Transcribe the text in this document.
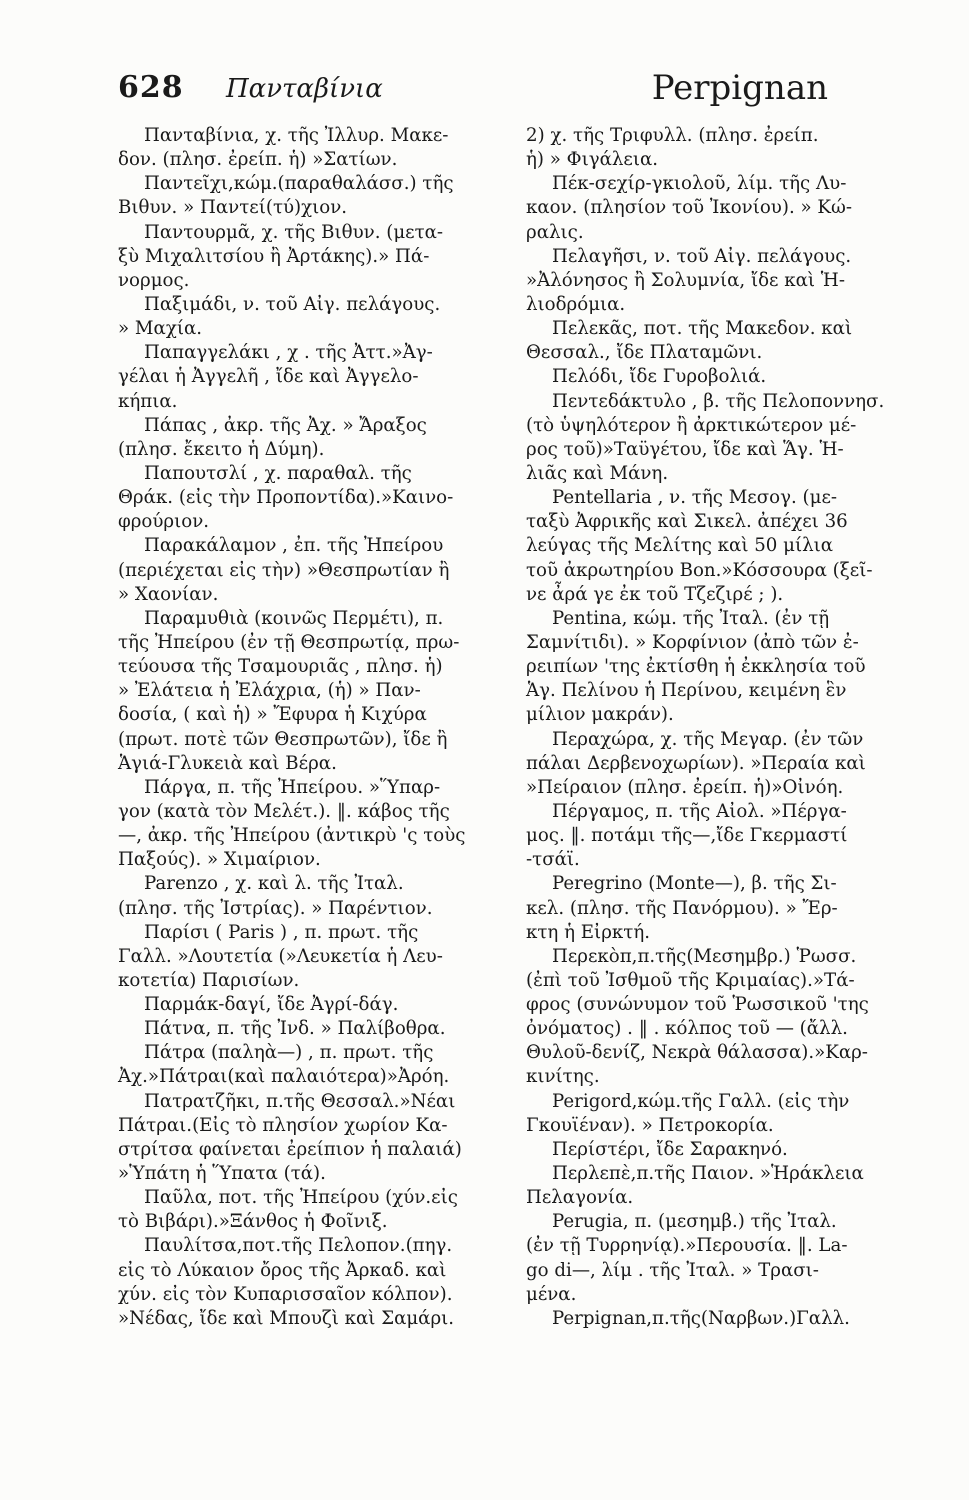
628 Πανταβίνια	Perpignan
Πανταβίνια, χ. τῆς Ἰλλυρ. Μακε-
δον. (πλησ. ἐρείπ. ἡ) »Σατίων.
Παντεῖχι,κώμ.(παραθαλάσσ.) τῆς
Βιθυν. » Παντεί(τύ)χιον.
Παντουρμᾶ, χ. τῆς Βιθυν. (μετα-
ξὺ Μιχαλιτσίου ἢ Ἀρτάκης).» Πά-
νορμος.
Παξιμάδι, ν. τοῦ Αἰγ. πελάγους.
» Μαχία.
Παπαγγελάκι , χ . τῆς Ἀττ.»Ἀγ-
γέλαι ἡ Ἀγγελῆ , ἴδε καὶ Ἀγγελο-
κήπια.
Πάπας , ἀκρ. τῆς Ἀχ. » Ἄραξος
(πλησ. ἔκειτο ἡ Δύμη).
Παπουτσλί , χ. παραθαλ. τῆς
Θράκ. (εἰς τὴν Προποντίδα).»Καινο-
φρούριον.
Παρακάλαμον , ἐπ. τῆς Ἠπείρου
(περιέχεται εἰς τὴν) »Θεσπρωτίαν ἢ
» Χαονίαν.
Παραμυθιὰ (κοινῶς Περμέτι), π.
τῆς Ἠπείρου (ἐν τῇ Θεσπρωτίᾳ, πρω-
τεύουσα τῆς Τσαμουριᾶς , πλησ. ἡ)
» Ἐλάτεια ἡ Ἐλάχρια, (ἡ) » Παν-
δοσία, ( καὶ ἡ) » Ἔφυρα ἡ Κιχύρα
(πρωτ. ποτὲ τῶν Θεσπρωτῶν), ἴδε ἢ
Ἁγιά-Γλυκειὰ καὶ Βέρα.
Πάργα, π. τῆς Ἠπείρου. »Ὕπαρ-
γον (κατὰ τὸν Μελέτ.). ‖. κάβος τῆς
—, ἀκρ. τῆς Ἠπείρου (ἀντικρὺ 'ς τοὺς
Παξούς). » Χιμαίριον.
Parenzo , χ. καὶ λ. τῆς Ἰταλ.
(πλησ. τῆς Ἰστρίας). » Παρέντιον.
Παρίσι ( Paris ) , π. πρωτ. τῆς
Γαλλ. »Λουτετία (»Λευκετία ἡ Λευ-
κοτετία) Παρισίων.
Παρμάκ-δαγί, ἴδε Ἀγρί-δάγ.
Πάτνα, π. τῆς Ἰνδ. » Παλίβοθρα.
Πάτρα (παληὰ—) , π. πρωτ. τῆς
Ἀχ.»Πάτραι(καὶ παλαιότερα)»Ἀρόη.
Πατρατζῆκι, π.τῆς Θεσσαλ.»Νέαι
Πάτραι.(Εἰς τὸ πλησίον χωρίον Κα-
στρίτσα φαίνεται ἐρείπιον ἡ παλαιά)
»Ὑπάτη ἡ Ὕπατα (τά).
Παῦλα, ποτ. τῆς Ἠπείρου (χύν.εἰς
τὸ Βιβάρι).»Ξάνθος ἡ Φοῖνιξ.
Παυλίτσα,ποτ.τῆς Πελοπον.(πηγ.
εἰς τὸ Λύκαιον ὄρος τῆς Ἀρκαδ. καὶ
χύν. εἰς τὸν Κυπαρισσαῖον κόλπον).
»Νέδας, ἴδε καὶ Μπουζὶ καὶ Σαμάρι.
2) χ. τῆς Τριφυλλ. (πλησ. ἐρείπ.
ἡ) » Φιγάλεια.
Πέκ-σεχίρ-γκιολοῦ, λίμ. τῆς Λυ-
καον. (πλησίον τοῦ Ἰκονίου). » Κώ-
ραλις.
Πελαγῆσι, ν. τοῦ Αἰγ. πελάγους.
»Ἀλόνησος ἢ Σολυμνία, ἴδε καὶ Ἡ-
λιοδρόμια.
Πελεκᾶς, ποτ. τῆς Μακεδον. καὶ
Θεσσαλ., ἴδε Πλαταμῶνι.
Πελόδι, ἴδε Γυροβολιά.
Πεντεδάκτυλο , β. τῆς Πελοποννησ.
(τὸ ὑψηλότερον ἢ ἀρκτικώτερον μέ-
ρος τοῦ)»Ταϋγέτου, ἴδε καὶ Ἅγ. Ἡ-
λιᾶς καὶ Μάνη.
Pentellaria , ν. τῆς Μεσογ. (με-
ταξὺ Ἀφρικῆς καὶ Σικελ. ἀπέχει 36
λεύγας τῆς Μελίτης καὶ 50 μίλια
τοῦ ἀκρωτηρίου Bon.»Κόσσουρα (ξεῖ-
νε ἆρά γε ἐκ τοῦ Τζεζιρέ ; ).
Pentina, κώμ. τῆς Ἰταλ. (ἐν τῇ
Σαμνίτιδι). » Κορφίνιον (ἀπὸ τῶν ἐ-
ρειπίων 'της ἐκτίσθη ἡ ἐκκλησία τοῦ
Ἁγ. Πελίνου ἡ Περίνου, κειμένη ἓν
μίλιον μακράν).
Περαχώρα, χ. τῆς Μεγαρ. (ἐν τῶν
πάλαι Δερβενοχωρίων). »Περαία καὶ
»Πείραιον (πλησ. ἐρείπ. ἡ)»Οἰνόη.
Πέργαμος, π. τῆς Αἰολ. »Πέργα-
μος. ‖. ποτάμι τῆς—,ἴδε Γκερμαστί
-τσάϊ.
Peregrino (Monte—), β. τῆς Σι-
κελ. (πλησ. τῆς Πανόρμου). » Ἔρ-
κτη ἡ Εἰρκτή.
Περεκὸπ,π.τῆς(Μεσημβρ.) Ῥωσσ.
(ἐπὶ τοῦ Ἰσθμοῦ τῆς Κριμαίας).»Τά-
φρος (συνώνυμον τοῦ Ῥωσσικοῦ 'της
ὀνόματος) . ‖ . κόλπος τοῦ — (ἄλλ.
Θυλοῦ-δενίζ, Νεκρὰ θάλασσα).»Καρ-
κινίτης.
Perigord,κώμ.τῆς Γαλλ. (εἰς τὴν
Γκουϊέναν). » Πετροκορία.
Περίστέρι, ἴδε Σαρακηνό.
Περλεπὲ,π.τῆς Παιον. »Ἡράκλεια
Πελαγονία.
Perugia, π. (μεσημβ.) τῆς Ἰταλ.
(ἐν τῇ Τυρρηνίᾳ).»Περουσία. ‖. La-
go di—, λίμ . τῆς Ἰταλ. » Τρασι-
μένα.
Perpignan,π.τῆς(Ναρβων.)Γαλλ.
